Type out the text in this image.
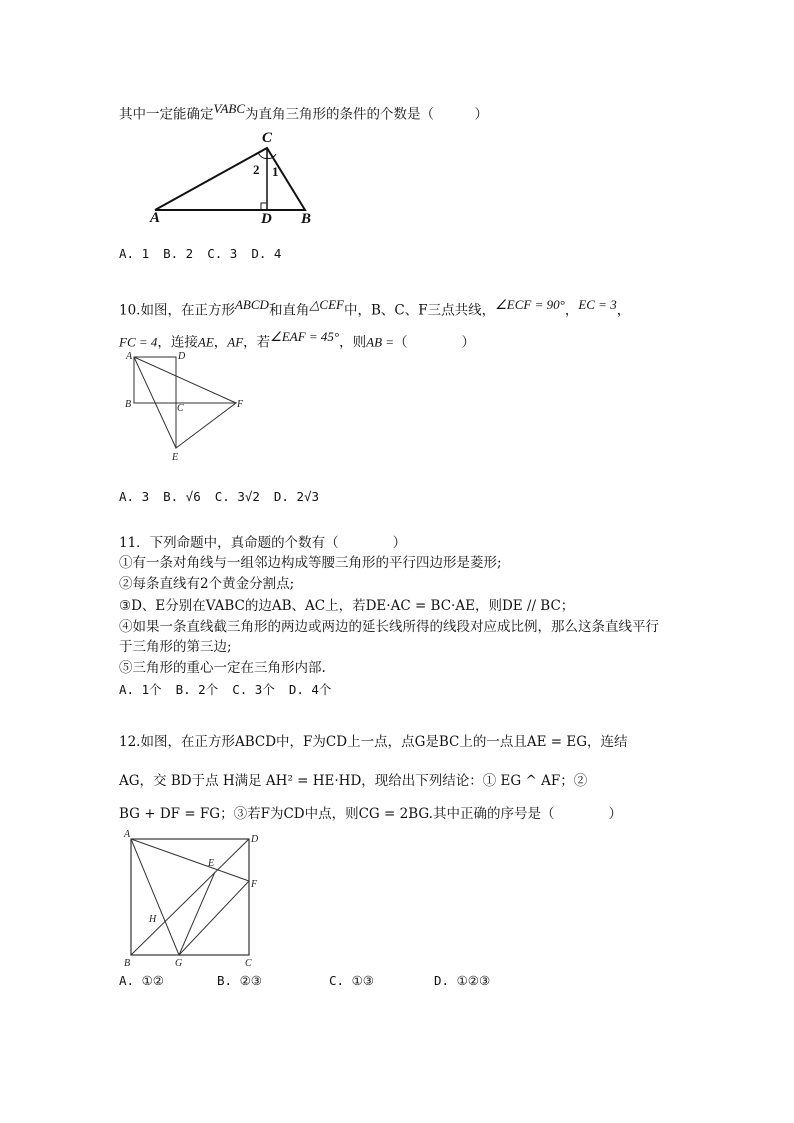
其中一定能确定$^{VABC}$为直角三角形的条件的个数是（　　　）
A
C
D B
2 1
A. 1 B. 2 C. 3 D. 4
10.如图，在正方形$^{ABCD}$和直角$^{\triangle CEF}$中，B、C、F三点共线，$^{\angle ECF = 90^\circ}$，$^{EC = 3}$，
FC = 4，连接AE，AF，若$^{\angle EAF = 45^\circ}$，则AB =（　　　　）
A	D
B	C	F
E
A. 3 B. √6 C. 3√2 D. 2√3
11．下列命题中，真命题的个数有（　　　　）
①有一条对角线与一组邻边构成等腰三角形的平行四边形是菱形;
②每条直线有2个黄金分割点;
③D、E分别在VABC的边AB、AC上，若DE·AC = BC·AE，则DE // BC；
④如果一条直线截三角形的两边或两边的延长线所得的线段对应成比例，那么这条直线平行
于三角形的第三边;
⑤三角形的重心一定在三角形内部.
A. 1个 B. 2个 C. 3个 D. 4个
12.如图，在正方形ABCD中，F为CD上一点，点G是BC上的一点且AE = EG，连结
AG，交 BD于点 H满足 AH² = HE·HD，现给出下列结论：① EG ^ AF；②
BG + DF = FG；③若F为CD中点，则CG = 2BG.其中正确的序号是（　　　　）
A	D
F
E
H
B	G	C
A. ①②	B. ②③	C. ①③	D. ①②③
